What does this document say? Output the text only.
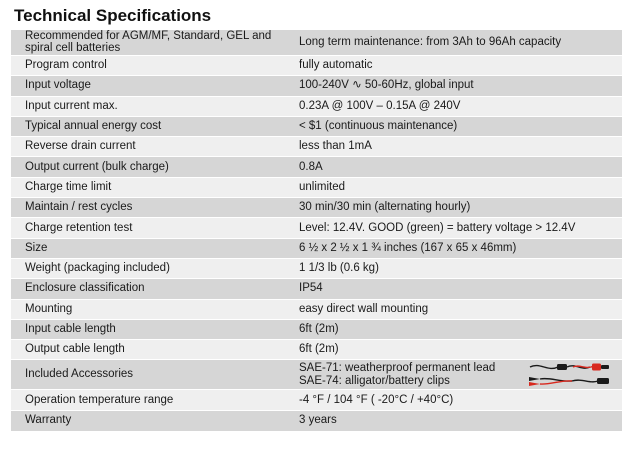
Technical Specifications
Recommended for AGM/MF, Standard, GEL and spiral cell batteries	Long term maintenance: from 3Ah to 96Ah capacity
Program control	fully automatic
Input voltage	100-240V ∿ 50-60Hz, global input
Input current max.	0.23A @ 100V – 0.15A @ 240V
Typical annual energy cost	< $1 (continuous maintenance)
Reverse drain current	less than 1mA
Output current (bulk charge)	0.8A
Charge time limit	unlimited
Maintain / rest cycles	30 min/30 min (alternating hourly)
Charge retention test	Level: 12.4V. GOOD (green) = battery voltage > 12.4V
Size	6 ½ x 2 ½ x 1 ¾ inches (167 x 65 x 46mm)
Weight (packaging included)	1 1/3 lb (0.6 kg)
Enclosure classification	IP54
Mounting	easy direct wall mounting
Input cable length	6ft (2m)
Output cable length	6ft (2m)
Included Accessories	SAE-71: weatherproof permanent lead
SAE-74: alligator/battery clips

Operation temperature range	-4 °F / 104 °F ( -20°C / +40°C)
Warranty	3 years
